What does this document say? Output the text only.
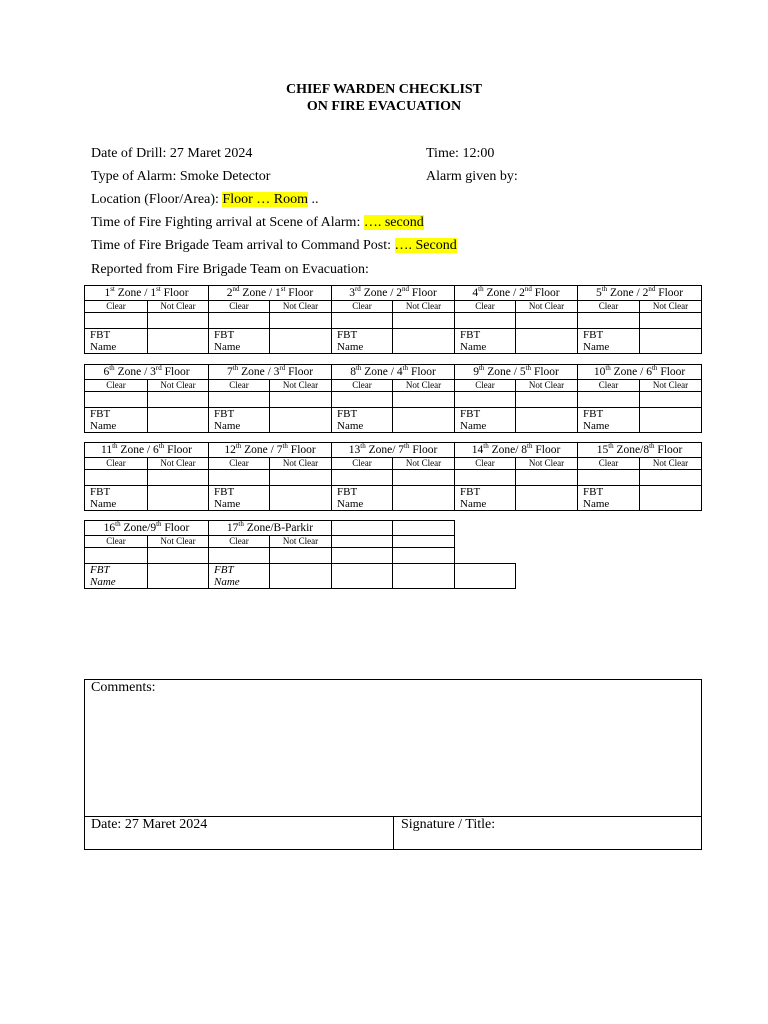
CHIEF WARDEN CHECKLIST
ON FIRE EVACUATION
Date of Drill: 27 Maret 2024	Time: 12:00
Type of Alarm: Smoke Detector	Alarm given by:
Location (Floor/Area): Floor … Room ..
Time of Fire Fighting arrival at Scene of Alarm: …. second
Time of Fire Brigade Team arrival to Command Post: …. Second
Reported from Fire Brigade Team on Evacuation:
1st Zone / 1st Floor		2nd Zone / 1st Floor		3rd Zone / 2nd Floor		4th Zone / 2nd Floor		5th Zone / 2nd Floor	
Clear	Not Clear	Clear	Not Clear	Clear	Not Clear	Clear	Not Clear	Clear	Not Clear

FBT
Name		FBT
Name		FBT
Name		FBT
Name		FBT
Name	
6th Zone / 3rd Floor		7th Zone / 3rd Floor		8th Zone / 4th Floor		9th Zone / 5th Floor		10th Zone / 6th Floor	
Clear	Not Clear	Clear	Not Clear	Clear	Not Clear	Clear	Not Clear	Clear	Not Clear

FBT
Name		FBT
Name		FBT
Name		FBT
Name		FBT
Name	
11th Zone / 6th Floor		12th Zone / 7th Floor		13th Zone/ 7th Floor		14th Zone/ 8th Floor		15th Zone/8th Floor	
Clear	Not Clear	Clear	Not Clear	Clear	Not Clear	Clear	Not Clear	Clear	Not Clear

FBT
Name		FBT
Name		FBT
Name		FBT
Name		FBT
Name	
16th Zone/9th Floor		17th Zone/B-Parkir				
Clear	Not Clear	Clear	Not Clear			

FBT
Name		FBT
Name				
Comments:
Date: 27 Maret 2024	Signature / Title:
